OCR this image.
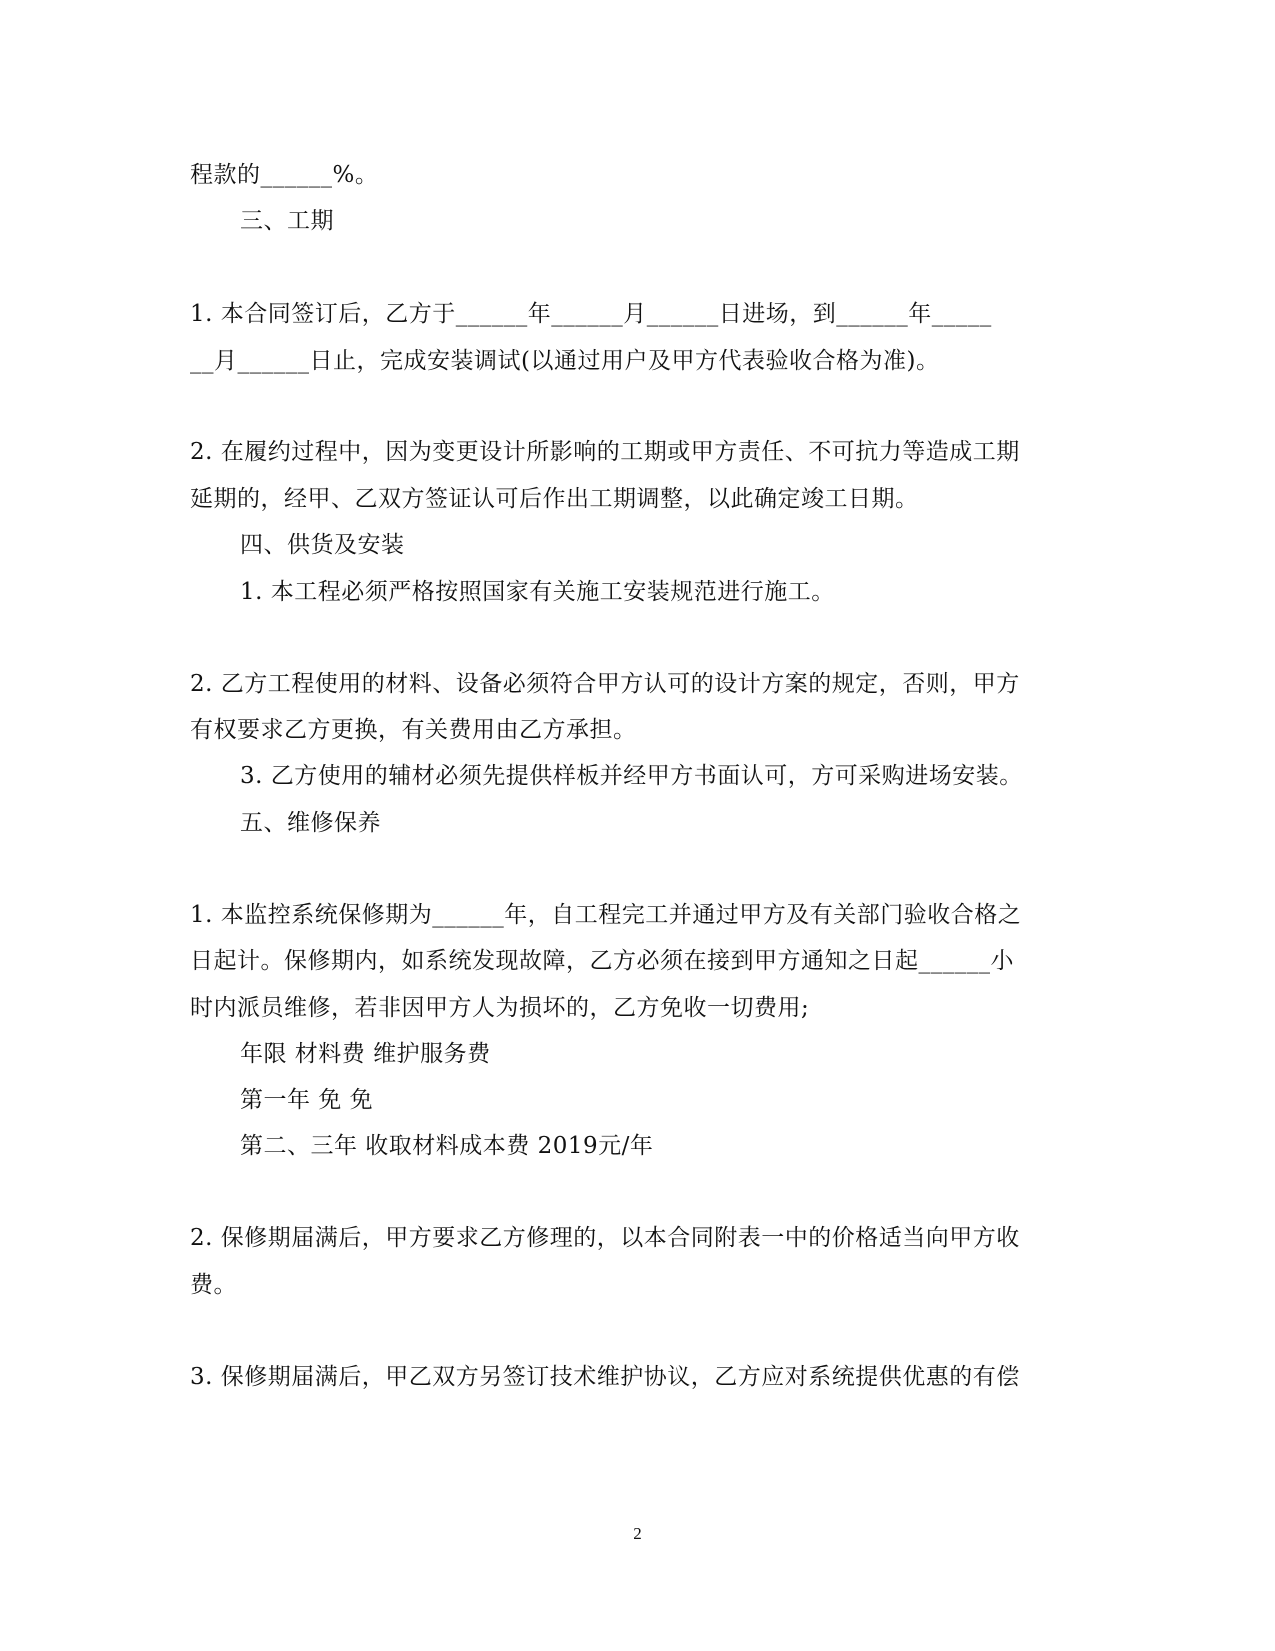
程款的______%。
三、工期
1. 本合同签订后，乙方于______年______月______日进场，到______年_____
__月______日止，完成安装调试(以通过用户及甲方代表验收合格为准)。
2. 在履约过程中，因为变更设计所影响的工期或甲方责任、不可抗力等造成工期
延期的，经甲、乙双方签证认可后作出工期调整，以此确定竣工日期。
四、供货及安装
1. 本工程必须严格按照国家有关施工安装规范进行施工。
2. 乙方工程使用的材料、设备必须符合甲方认可的设计方案的规定，否则，甲方
有权要求乙方更换，有关费用由乙方承担。
3. 乙方使用的辅材必须先提供样板并经甲方书面认可，方可采购进场安装。
五、维修保养
1. 本监控系统保修期为______年，自工程完工并通过甲方及有关部门验收合格之
日起计。保修期内，如系统发现故障，乙方必须在接到甲方通知之日起______小
时内派员维修，若非因甲方人为损坏的，乙方免收一切费用;
年限 材料费 维护服务费
第一年 免 免
第二、三年 收取材料成本费 2019元/年
2. 保修期届满后，甲方要求乙方修理的，以本合同附表一中的价格适当向甲方收
费。
3. 保修期届满后，甲乙双方另签订技术维护协议，乙方应对系统提供优惠的有偿
2
